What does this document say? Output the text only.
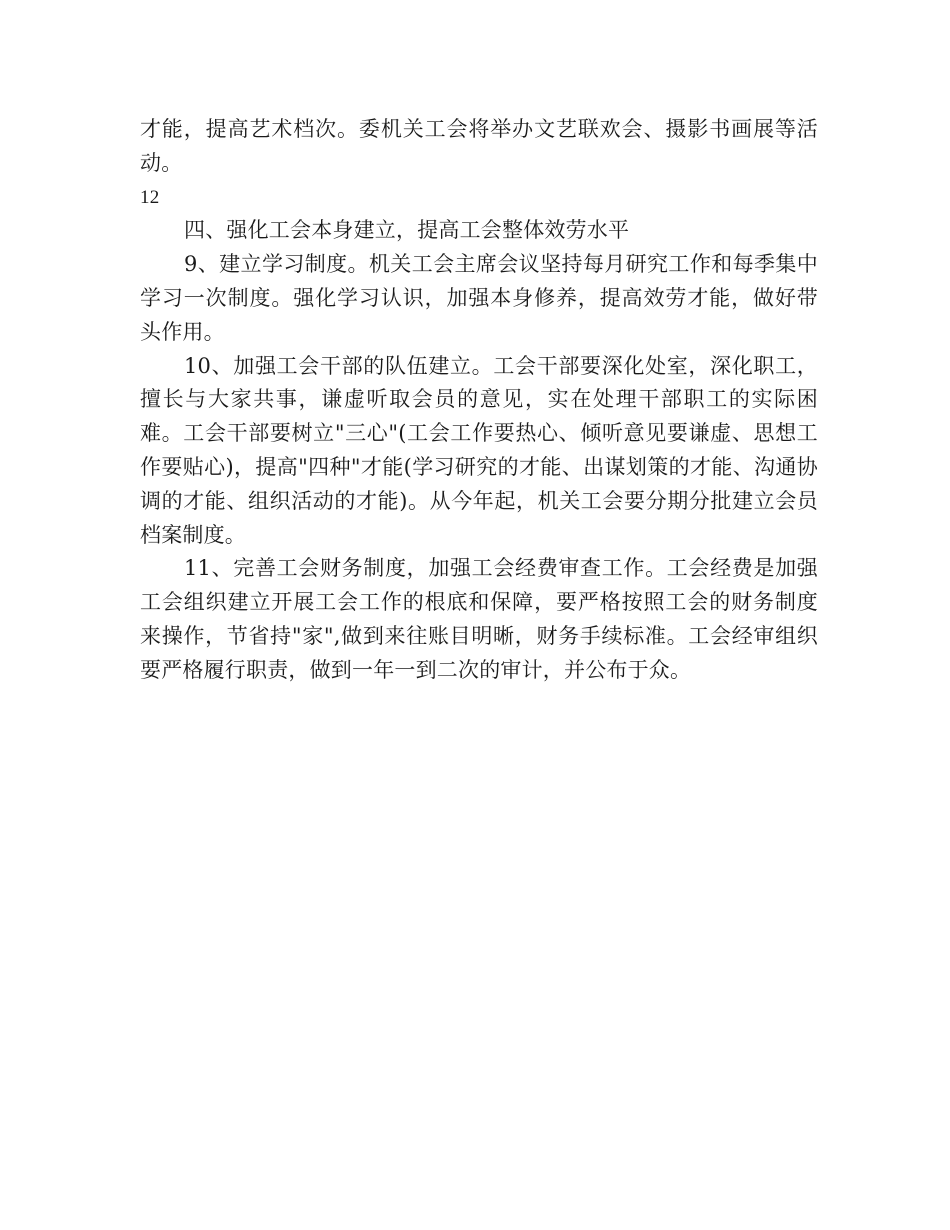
才能，提高艺术档次。委机关工会将举办文艺联欢会、摄影书画展等活动。

12

四、强化工会本身建立，提高工会整体效劳水平

9、建立学习制度。机关工会主席会议坚持每月研究工作和每季集中学习一次制度。强化学习认识，加强本身修养，提高效劳才能，做好带头作用。

10、加强工会干部的队伍建立。工会干部要深化处室，深化职工，擅长与大家共事，谦虚听取会员的意见，实在处理干部职工的实际困难。工会干部要树立"三心"(工会工作要热心、倾听意见要谦虚、思想工作要贴心)，提高"四种"才能(学习研究的才能、出谋划策的才能、沟通协调的才能、组织活动的才能)。从今年起，机关工会要分期分批建立会员档案制度。

11、完善工会财务制度，加强工会经费审查工作。工会经费是加强工会组织建立开展工会工作的根底和保障，要严格按照工会的财务制度来操作，节省持"家",做到来往账目明晰，财务手续标准。工会经审组织要严格履行职责，做到一年一到二次的审计，并公布于众。
